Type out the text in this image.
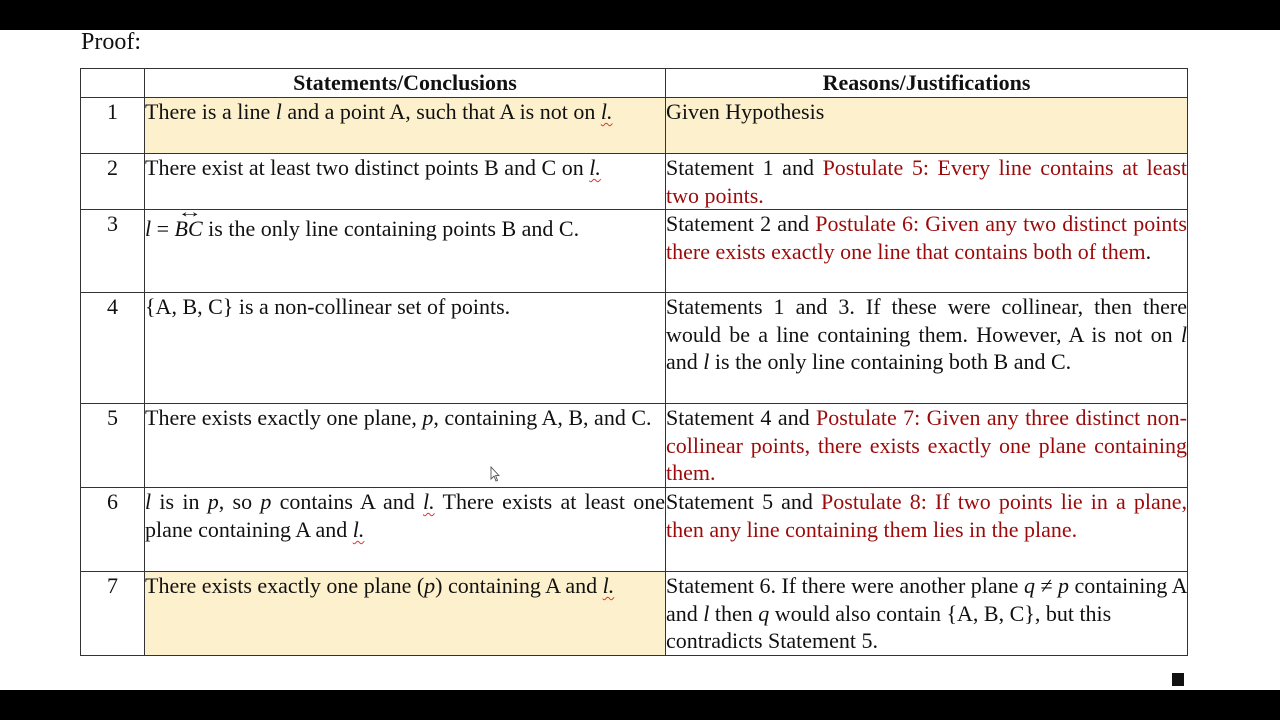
Proof:
	Statements/Conclusions	Reasons/Justifications
1	There is a line l and a point A, such that A is not on l.	Given Hypothesis
2	There exist at least two distinct points B and C on l.	Statement 1 and Postulate 5: Every line contains at least two points.
3	l = ↔ BC is the only line containing points B and C.	Statement 2 and Postulate 6: Given any two distinct points there exists exactly one line that contains both of them.
4	{A, B, C} is a non-collinear set of points.	Statements 1 and 3. If these were collinear, then there would be a line containing them. However, A is not on l and l is the only line containing both B and C.
5	There exists exactly one plane, p, containing A, B, and C.	Statement 4 and Postulate 7: Given any three distinct non-collinear points, there exists exactly one plane containing them.
6	l is in p, so p contains A and l. There exists at least one plane containing A and l.	Statement 5 and Postulate 8: If two points lie in a plane, then any line containing them lies in the plane.
7	There exists exactly one plane (p) containing A and l.	Statement 6. If there were another plane q ≠ p containing A and l then q would also contain {A, B, C}, but this contradicts Statement 5.
